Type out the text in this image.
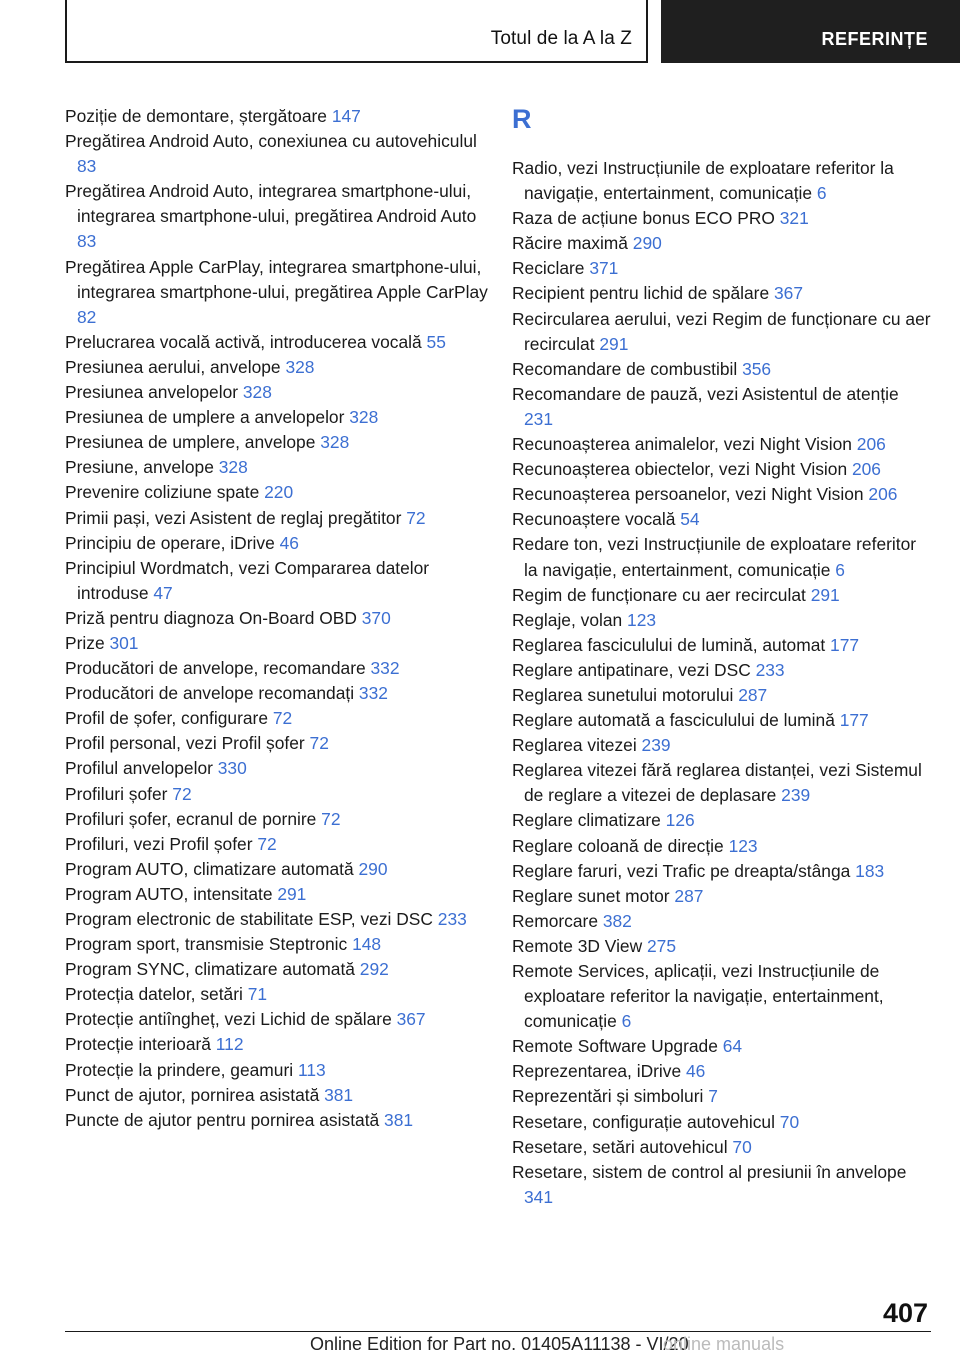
Totul de la A la Z	REFERINȚE
Poziție de demontare, ștergătoare 147
Pregătirea Android Auto, conexiunea cu autovehiculul 83
Pregătirea Android Auto, integrarea smartphone-ului, integrarea smartphone-ului, pregătirea Android Auto 83
Pregătirea Apple CarPlay, integrarea smartphone-ului, integrarea smartphone-ului, pregătirea Apple CarPlay 82
Prelucrarea vocală activă, introducerea vocală 55
Presiunea aerului, anvelope 328
Presiunea anvelopelor 328
Presiunea de umplere a anvelopelor 328
Presiunea de umplere, anvelope 328
Presiune, anvelope 328
Prevenire coliziune spate 220
Primii pași, vezi Asistent de reglaj pregătitor 72
Principiu de operare, iDrive 46
Principiul Wordmatch, vezi Compararea datelor introduse 47
Priză pentru diagnoza On-Board OBD 370
Prize 301
Producători de anvelope, recomandare 332
Producători de anvelope recomandați 332
Profil de șofer, configurare 72
Profil personal, vezi Profil șofer 72
Profilul anvelopelor 330
Profiluri șofer 72
Profiluri șofer, ecranul de pornire 72
Profiluri, vezi Profil șofer 72
Program AUTO, climatizare automată 290
Program AUTO, intensitate 291
Program electronic de stabilitate ESP, vezi DSC 233
Program sport, transmisie Steptronic 148
Program SYNC, climatizare automată 292
Protecția datelor, setări 71
Protecție antiîngheț, vezi Lichid de spălare 367
Protecție interioară 112
Protecție la prindere, geamuri 113
Punct de ajutor, pornirea asistată 381
Puncte de ajutor pentru pornirea asistată 381
R
Radio, vezi Instrucțiunile de exploatare referitor la navigație, entertainment, comunicație 6
Raza de acțiune bonus ECO PRO 321
Răcire maximă 290
Reciclare 371
Recipient pentru lichid de spălare 367
Recircularea aerului, vezi Regim de funcționare cu aer recirculat 291
Recomandare de combustibil 356
Recomandare de pauză, vezi Asistentul de atenție 231
Recunoașterea animalelor, vezi Night Vision 206
Recunoașterea obiectelor, vezi Night Vision 206
Recunoașterea persoanelor, vezi Night Vision 206
Recunoaștere vocală 54
Redare ton, vezi Instrucțiunile de exploatare referitor la navigație, entertainment, comunicație 6
Regim de funcționare cu aer recirculat 291
Reglaje, volan 123
Reglarea fasciculului de lumină, automat 177
Reglare antipatinare, vezi DSC 233
Reglarea sunetului motorului 287
Reglare automată a fasciculului de lumină 177
Reglarea vitezei 239
Reglarea vitezei fără reglarea distanței, vezi Sistemul de reglare a vitezei de deplasare 239
Reglare climatizare 126
Reglare coloană de direcție 123
Reglare faruri, vezi Trafic pe dreapta/stânga 183
Reglare sunet motor 287
Remorcare 382
Remote 3D View 275
Remote Services, aplicații, vezi Instrucțiunile de exploatare referitor la navigație, entertainment, comunicație 6
Remote Software Upgrade 64
Reprezentarea, iDrive 46
Reprezentări și simboluri 7
Resetare, configurație autovehicul 70
Resetare, setări autovehicul 70
Resetare, sistem de control al presiunii în anvelope 341
407
Online Edition for Part no. 01405A11138 - VI/20
online manuals
